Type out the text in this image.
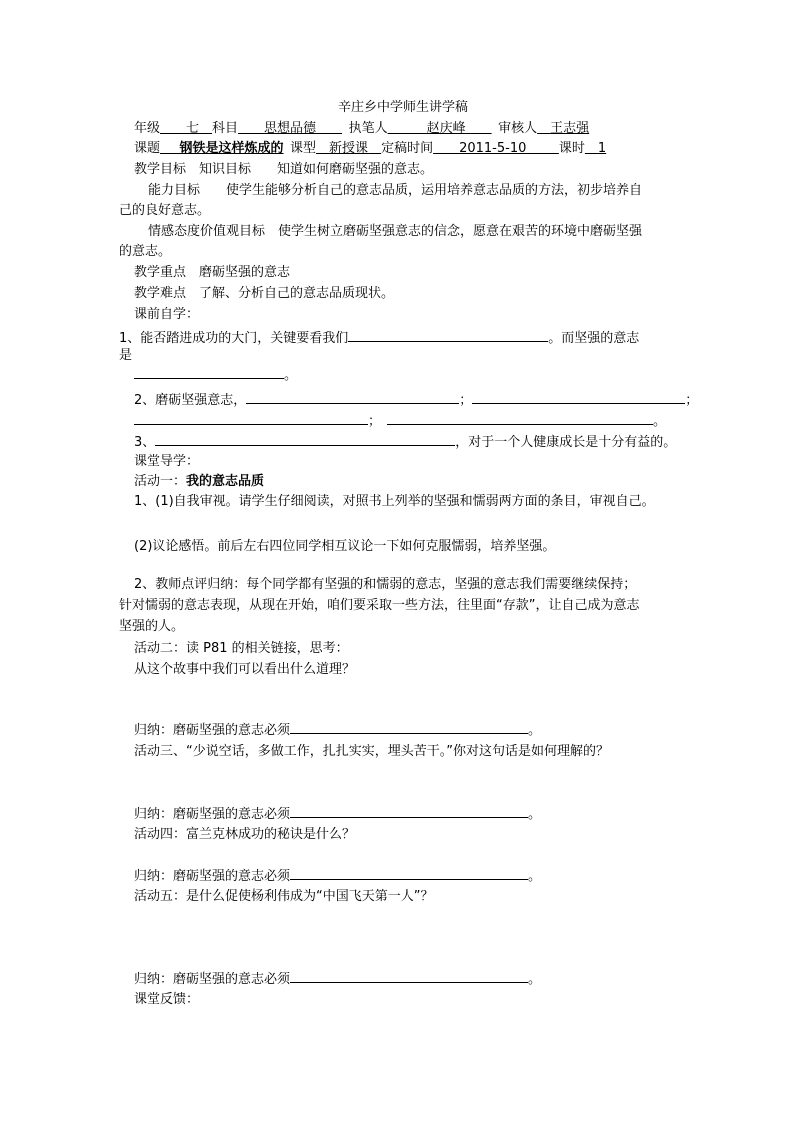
辛庄乡中学师生讲学稿
年级   七  科目   思想品德   	执笔人   	赵庆峰   	审核人  王志强
课题   钢铁是这样炼成的  课型  新授课  定稿时间   2011-5-10   	课时   1
教学目标　知识目标　　知道如何磨砺坚强的意志。
能力目标　　使学生能够分析自己的意志品质，运用培养意志品质的方法，初步培养自
己的良好意志。
情感态度价值观目标　使学生树立磨砺坚强意志的信念，愿意在艰苦的环境中磨砺坚强
的意志。
教学重点　磨砺坚强的意志
教学难点　了解、分析自己的意志品质现状。
课前自学：
1、能否踏进成功的大门，关键要看我们	。而坚强的意志
是
。
2、磨砺坚强意志，	；	；
；	。
3、	，对于一个人健康成长是十分有益的。
课堂导学：
活动一：我的意志品质
1、(1)自我审视。请学生仔细阅读，对照书上列举的坚强和懦弱两方面的条目，审视自己。
(2)议论感悟。前后左右四位同学相互议论一下如何克服懦弱，培养坚强。
2、教师点评归纳：每个同学都有坚强的和懦弱的意志，坚强的意志我们需要继续保持；
针对懦弱的意志表现，从现在开始，咱们要采取一些方法，往里面“存款”，让自己成为意志
坚强的人。
活动二：读 P81 的相关链接，思考：
从这个故事中我们可以看出什么道理？
归纳：磨砺坚强的意志必须	。
活动三、“少说空话，多做工作，扎扎实实，埋头苦干。”你对这句话是如何理解的？
归纳：磨砺坚强的意志必须	。
活动四：富兰克林成功的秘诀是什么？
归纳：磨砺坚强的意志必须	。
活动五：是什么促使杨利伟成为“中国飞天第一人”？
归纳：磨砺坚强的意志必须	。
课堂反馈：
